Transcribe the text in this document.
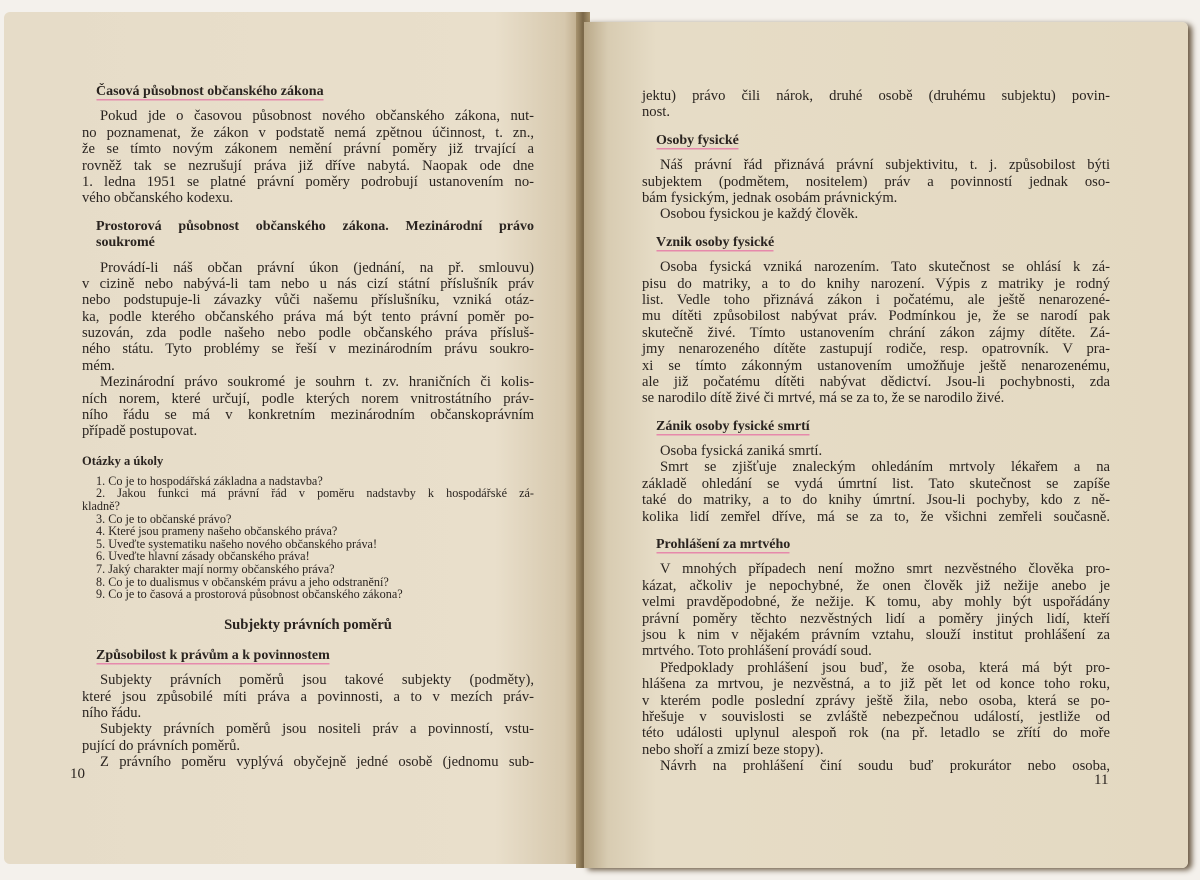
Časová působnost občanského zákona
Pokud jde o časovou působnost nového občanského zákona, nut-
no poznamenat, že zákon v podstatě nemá zpětnou účinnost, t. zn.,
že se tímto novým zákonem nemění právní poměry již trvající a
rovněž tak se nezrušují práva již dříve nabytá. Naopak ode dne
1. ledna 1951 se platné právní poměry podrobují ustanovením no-
vého občanského kodexu.
Prostorová působnost občanského zákona. Mezinárodní právo
soukromé
Provádí-li náš občan právní úkon (jednání, na př. smlouvu)
v cizině nebo nabývá-li tam nebo u nás cizí státní příslušník práv
nebo podstupuje-li závazky vůči našemu příslušníku, vzniká otáz-
ka, podle kterého občanského práva má být tento právní poměr po-
suzován, zda podle našeho nebo podle občanského práva přísluš-
ného státu. Tyto problémy se řeší v mezinárodním právu soukro-
mém.
Mezinárodní právo soukromé je souhrn t. zv. hraničních či kolis-
ních norem, které určují, podle kterých norem vnitrostátního práv-
ního řádu se má v konkretním mezinárodním občanskoprávním
případě postupovat.
Otázky a úkoly
1. Co je to hospodářská základna a nadstavba?
2. Jakou funkci má právní řád v poměru nadstavby k hospodářské zá-
kladně?
3. Co je to občanské právo?
4. Které jsou prameny našeho občanského práva?
5. Uveďte systematiku našeho nového občanského práva!
6. Uveďte hlavní zásady občanského práva!
7. Jaký charakter mají normy občanského práva?
8. Co je to dualismus v občanském právu a jeho odstranění?
9. Co je to časová a prostorová působnost občanského zákona?
Subjekty právních poměrů
Způsobilost k právům a k povinnostem
Subjekty právních poměrů jsou takové subjekty (podměty),
které jsou způsobilé míti práva a povinnosti, a to v mezích práv-
ního řádu.
Subjekty právních poměrů jsou nositeli práv a povinností, vstu-
pující do právních poměrů.
Z právního poměru vyplývá obyčejně jedné osobě (jednomu sub-
10
jektu) právo čili nárok, druhé osobě (druhému subjektu) povin-
nost.
Osoby fysické
Náš právní řád přiznává právní subjektivitu, t. j. způsobilost býti
subjektem (podmětem, nositelem) práv a povinností jednak oso-
bám fysickým, jednak osobám právnickým.
Osobou fysickou je každý člověk.
Vznik osoby fysické
Osoba fysická vzniká narozením. Tato skutečnost se ohlásí k zá-
pisu do matriky, a to do knihy narození. Výpis z matriky je rodný
list. Vedle toho přiznává zákon i počatému, ale ještě nenarozené-
mu dítěti způsobilost nabývat práv. Podmínkou je, že se narodí pak
skutečně živé. Tímto ustanovením chrání zákon zájmy dítěte. Zá-
jmy nenarozeného dítěte zastupují rodiče, resp. opatrovník. V pra-
xi se tímto zákonným ustanovením umožňuje ještě nenarozenému,
ale již počatému dítěti nabývat dědictví. Jsou-li pochybnosti, zda
se narodilo dítě živé či mrtvé, má se za to, že se narodilo živé.
Zánik osoby fysické smrtí
Osoba fysická zaniká smrtí.
Smrt se zjišťuje znaleckým ohledáním mrtvoly lékařem a na
základě ohledání se vydá úmrtní list. Tato skutečnost se zapíše
také do matriky, a to do knihy úmrtní. Jsou-li pochyby, kdo z ně-
kolika lidí zemřel dříve, má se za to, že všichni zemřeli současně.
Prohlášení za mrtvého
V mnohých případech není možno smrt nezvěstného člověka pro-
kázat, ačkoliv je nepochybné, že onen člověk již nežije anebo je
velmi pravděpodobné, že nežije. K tomu, aby mohly být uspořádány
právní poměry těchto nezvěstných lidí a poměry jiných lidí, kteří
jsou k nim v nějakém právním vztahu, slouží institut prohlášení za
mrtvého. Toto prohlášení provádí soud.
Předpoklady prohlášení jsou buď, že osoba, která má být pro-
hlášena za mrtvou, je nezvěstná, a to již pět let od konce toho roku,
v kterém podle poslední zprávy ještě žila, nebo osoba, která se po-
hřešuje v souvislosti se zvláště nebezpečnou událostí, jestliže od
této události uplynul alespoň rok (na př. letadlo se zřítí do moře
nebo shoří a zmizí beze stopy).
Návrh na prohlášení činí soudu buď prokurátor nebo osoba,
11
